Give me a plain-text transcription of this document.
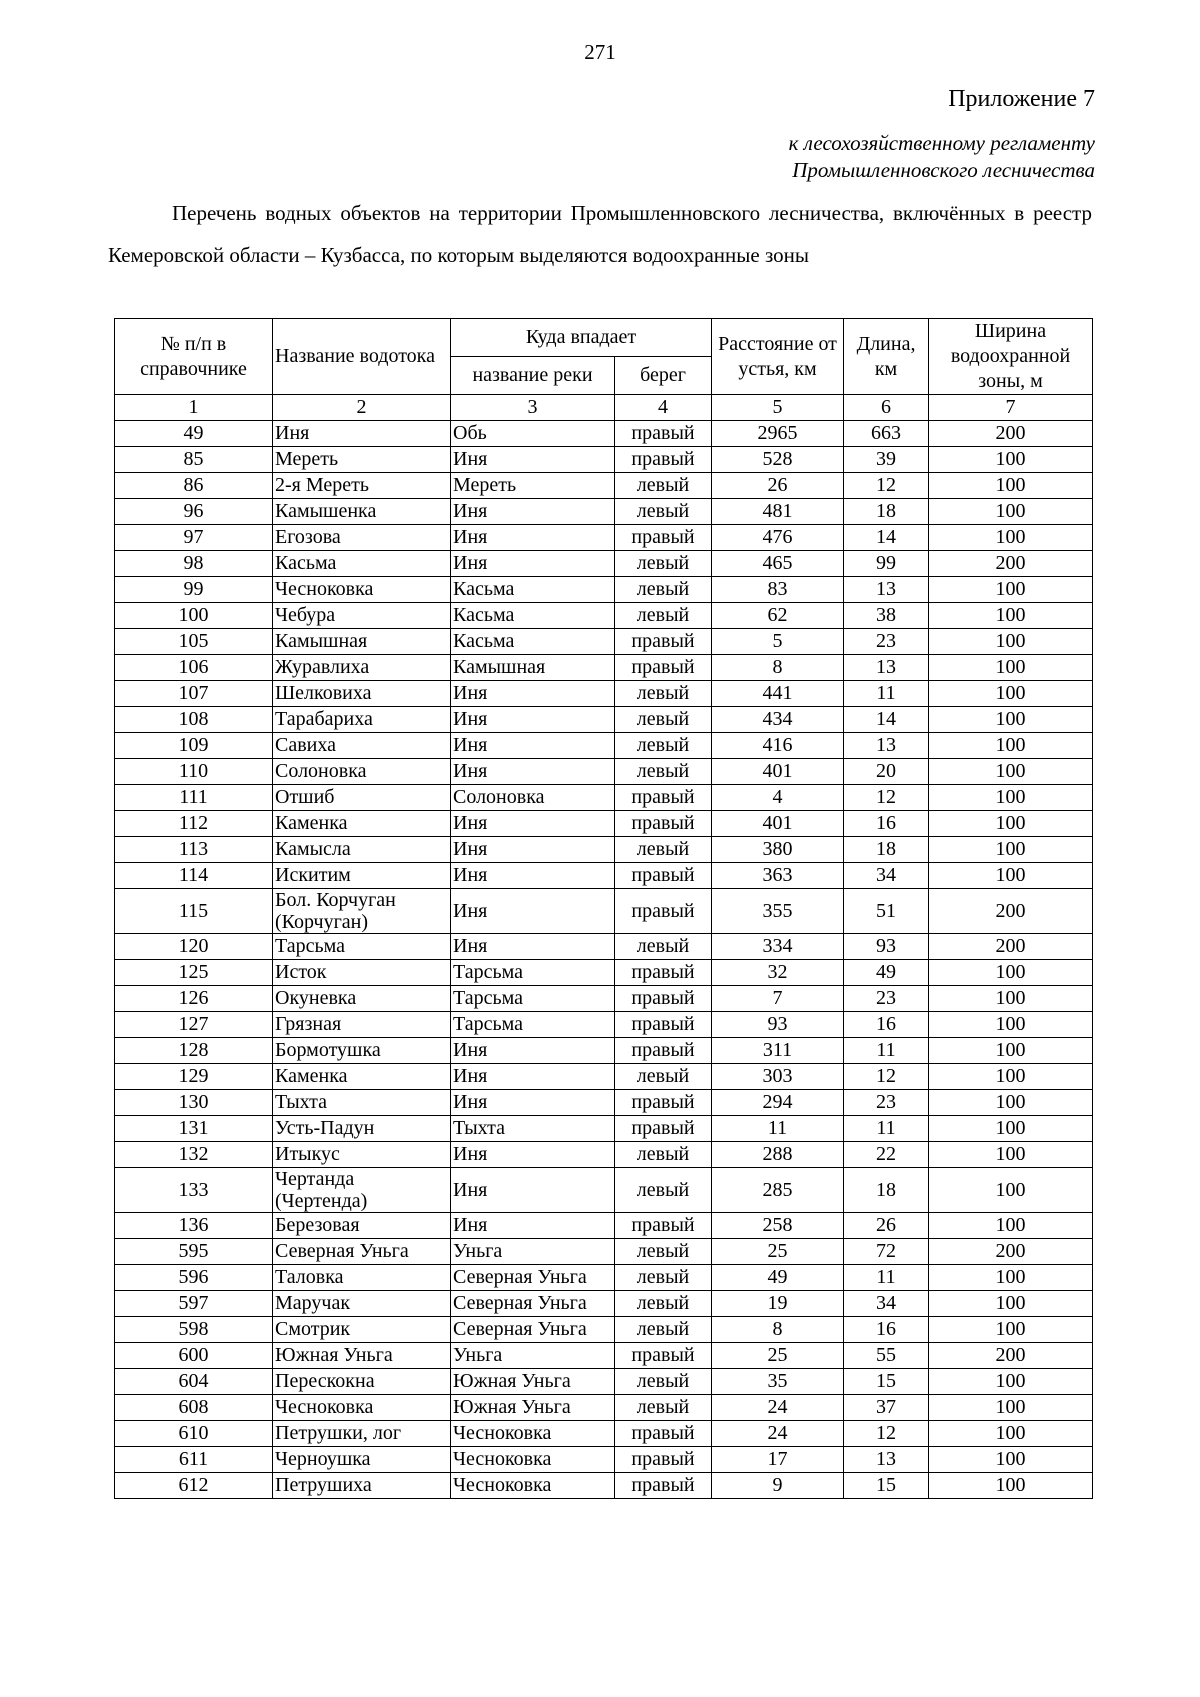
271
Приложение 7
к лесохозяйственному регламенту
Промышленновского лесничества
Перечень водных объектов на территории Промышленновского лесничества, включённых в реестр Кемеровской области – Кузбасса, по которым выделяются водоохранные зоны
№ п/п в справочнике	Название водотока	Куда впадает		Расстояние от устья, км	Длина, км	Ширина водоохранной зоны, м
		название реки	берег			
1	2	3	4	5	6	7
49	Иня	Обь	правый	2965	663	200
85	Мереть	Иня	правый	528	39	100
86	2-я Мереть	Мереть	левый	26	12	100
96	Камышенка	Иня	левый	481	18	100
97	Егозова	Иня	правый	476	14	100
98	Касьма	Иня	левый	465	99	200
99	Чесноковка	Касьма	левый	83	13	100
100	Чебура	Касьма	левый	62	38	100
105	Камышная	Касьма	правый	5	23	100
106	Журавлиха	Камышная	правый	8	13	100
107	Шелковиха	Иня	левый	441	11	100
108	Тарабариха	Иня	левый	434	14	100
109	Савиха	Иня	левый	416	13	100
110	Солоновка	Иня	левый	401	20	100
111	Отшиб	Солоновка	правый	4	12	100
112	Каменка	Иня	правый	401	16	100
113	Камысла	Иня	левый	380	18	100
114	Искитим	Иня	правый	363	34	100
115	Бол. Корчуган (Корчуган)	Иня	правый	355	51	200
120	Тарсьма	Иня	левый	334	93	200
125	Исток	Тарсьма	правый	32	49	100
126	Окуневка	Тарсьма	правый	7	23	100
127	Грязная	Тарсьма	правый	93	16	100
128	Бормотушка	Иня	правый	311	11	100
129	Каменка	Иня	левый	303	12	100
130	Тыхта	Иня	правый	294	23	100
131	Усть-Падун	Тыхта	правый	11	11	100
132	Итыкус	Иня	левый	288	22	100
133	Чертанда (Чертенда)	Иня	левый	285	18	100
136	Березовая	Иня	правый	258	26	100
595	Северная Уньга	Уньга	левый	25	72	200
596	Таловка	Северная Уньга	левый	49	11	100
597	Маручак	Северная Уньга	левый	19	34	100
598	Смотрик	Северная Уньга	левый	8	16	100
600	Южная Уньга	Уньга	правый	25	55	200
604	Перескокна	Южная Уньга	левый	35	15	100
608	Чесноковка	Южная Уньга	левый	24	37	100
610	Петрушки, лог	Чесноковка	правый	24	12	100
611	Черноушка	Чесноковка	правый	17	13	100
612	Петрушиха	Чесноковка	правый	9	15	100
